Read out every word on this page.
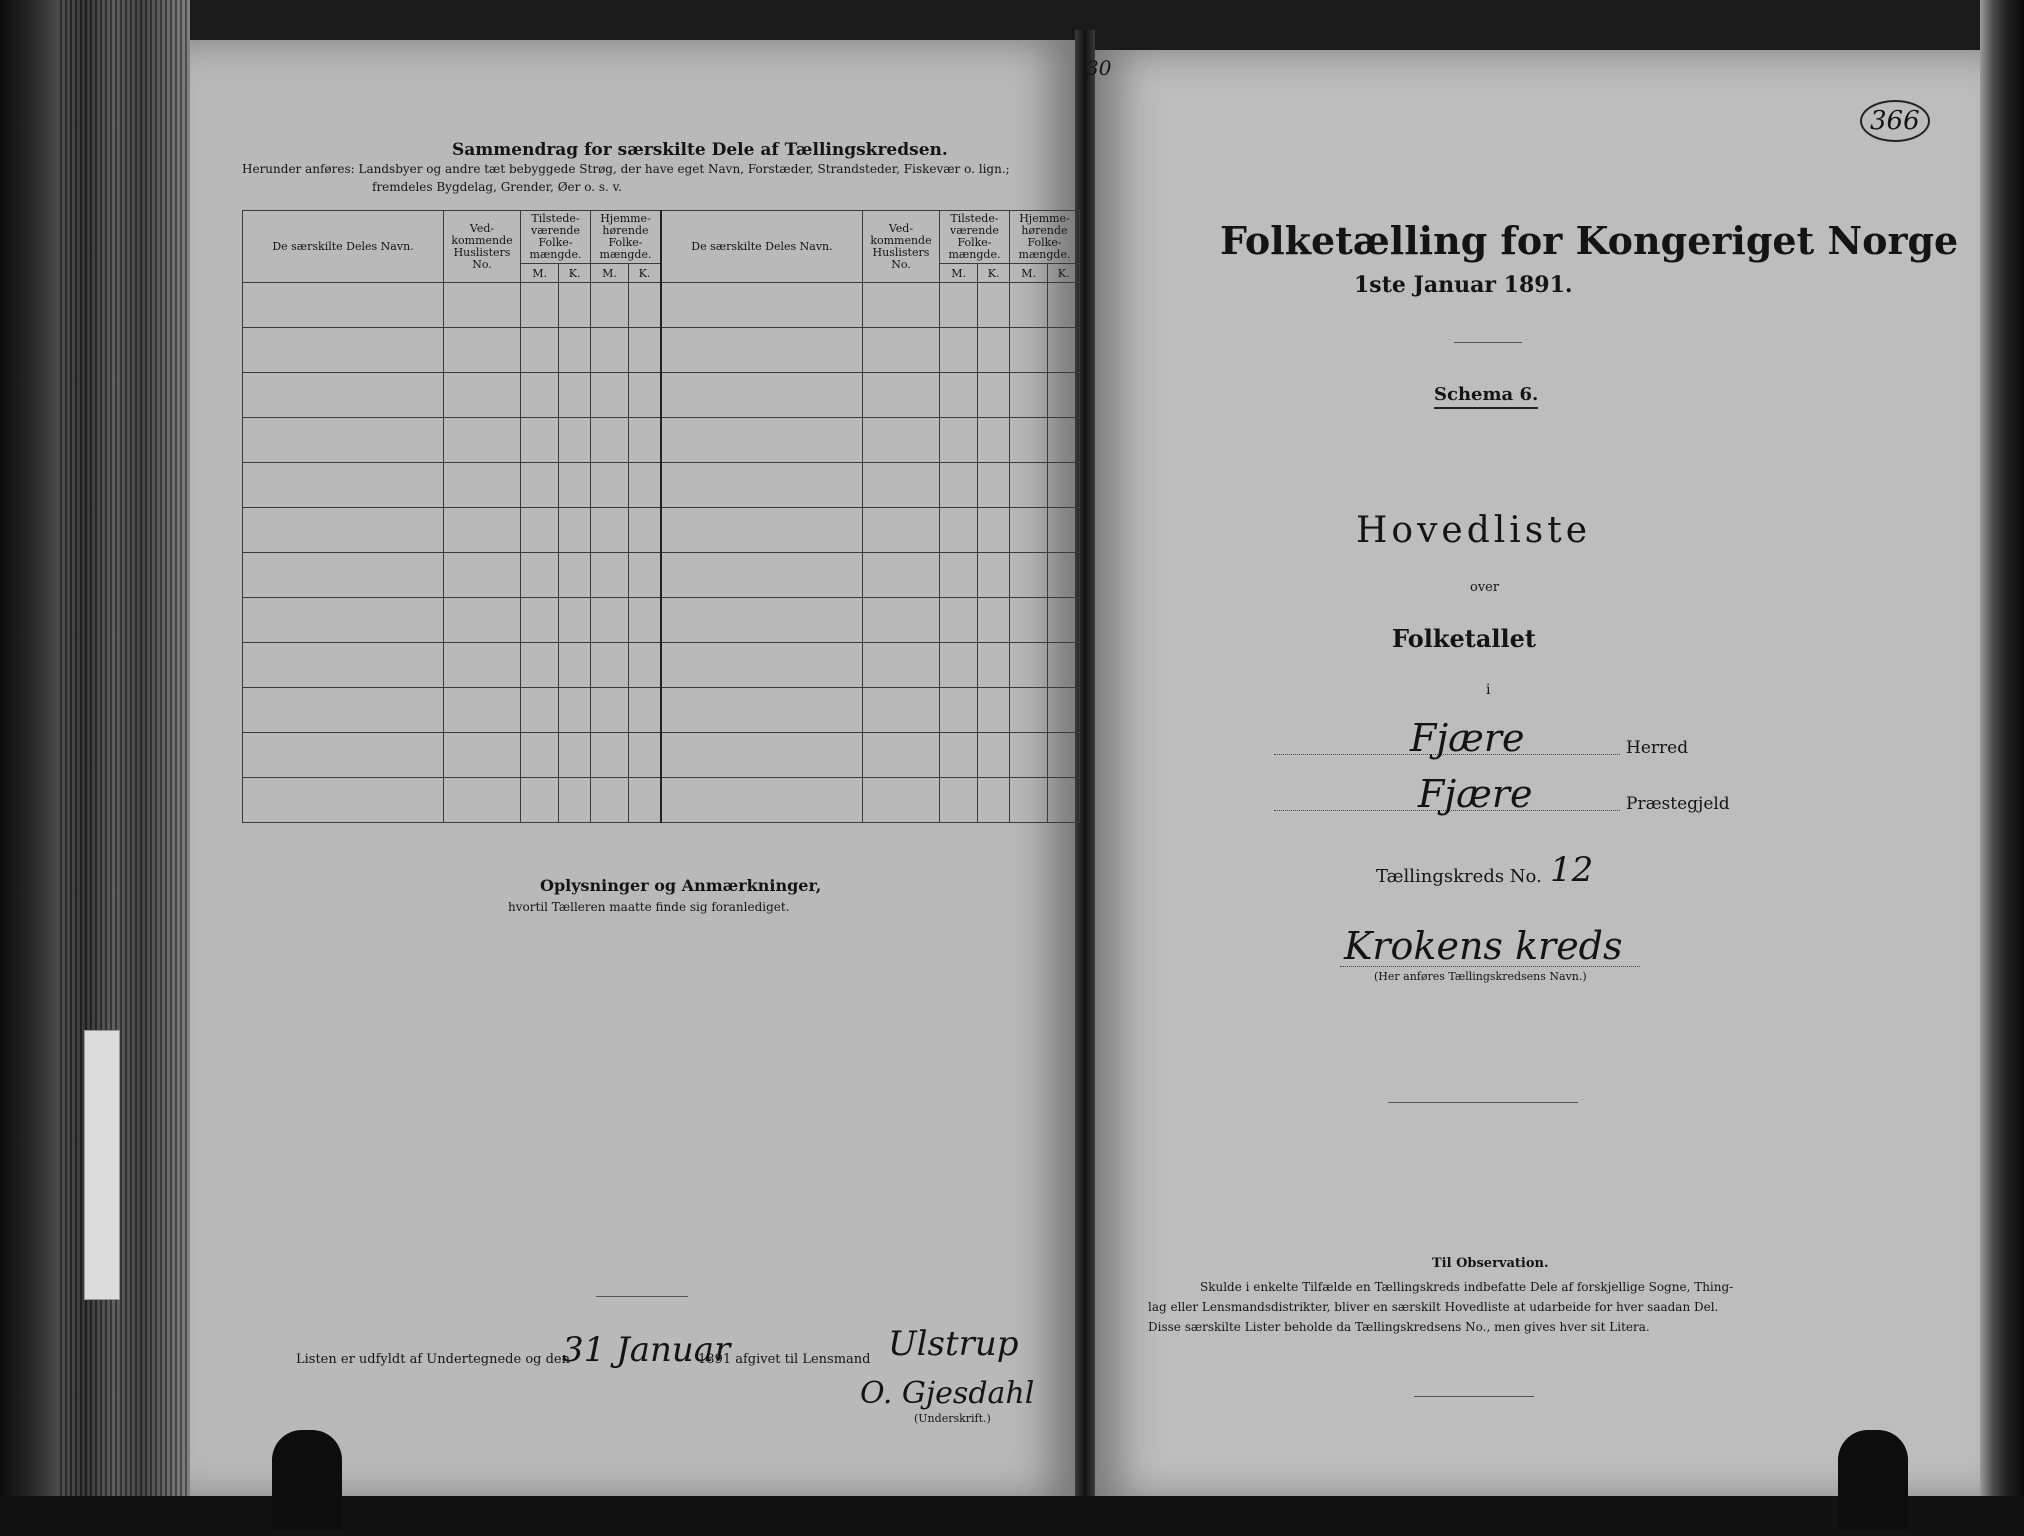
Sammendrag for særskilte Dele af Tællingskredsen.
Herunder anføres: Landsbyer og andre tæt bebyggede Strøg, der have eget Navn, Forstæder, Strandsteder, Fiskevær o. lign.;
fremdeles Bygdelag, Grender, Øer o. s. v.
De særskilte Deles Navn.	Ved-kommende Huslisters No.	Tilstede-værende Folke-mængde.		Hjemme-hørende Folke-mængde.		De særskilte Deles Navn.	Ved-kommende Huslisters No.	Tilstede-værende Folke-mængde.		Hjemme-hørende Folke-mængde.	
		M.	K.	M.	K.			M.	K.	M.	K.

Oplysninger og Anmærkninger,
hvortil Tælleren maatte finde sig foranlediget.
Listen er udfyldt af Undertegnede og den
31 Januar
1891 afgivet til Lensmand Ulstrup
O. Gjesdahl
(Underskrift.)
30
366
Folketælling for Kongeriget Norge
1ste Januar 1891.
Schema 6.
Hovedliste
over
Folketallet
i
Fjære	Herred
Fjære	Præstegjeld
Tællingskreds No. 12
Krokens kreds
(Her anføres Tællingskredsens Navn.)
Til Observation.
Skulde i enkelte Tilfælde en Tællingskreds indbefatte Dele af forskjellige Sogne, Thing-
lag eller Lensmandsdistrikter, bliver en særskilt Hovedliste at udarbeide for hver saadan Del.
Disse særskilte Lister beholde da Tællingskredsens No., men gives hver sit Litera.
